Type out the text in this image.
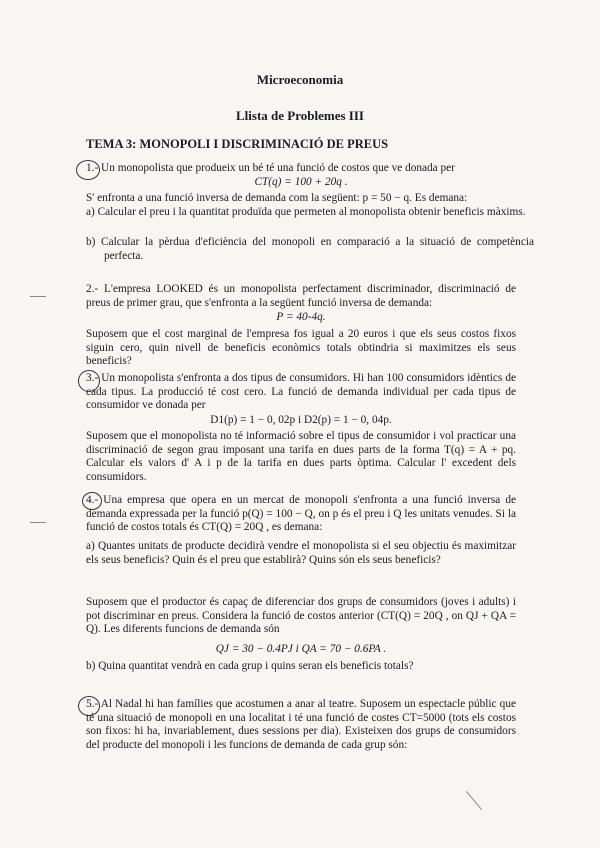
Microeconomia
Llista de Problemes III
TEMA 3: MONOPOLI I DISCRIMINACIÓ DE PREUS
1.- Un monopolista que produeix un bé té una funció de costos que ve donada per
CT(q) = 100 + 20q .
S' enfronta a una funció inversa de demanda com la següent: p = 50 − q. Es demana:
a) Calcular el preu i la quantitat produïda que permeten al monopolista obtenir beneficis màxims.
b) Calcular la pèrdua d'eficiència del monopoli en comparació a la situació de competència perfecta.
2.- L'empresa LOOKED és un monopolista perfectament discriminador, discriminació de preus de primer grau, que s'enfronta a la següent funció inversa de demanda:
P = 40-4q.
Suposem que el cost marginal de l'empresa fos igual a 20 euros i que els seus costos fixos siguin cero, quin nivell de beneficis econòmics totals obtindria si maximitzes els seus beneficis?
3.- Un monopolista s'enfronta a dos tipus de consumidors. Hi han 100 consumidors idèntics de cada tipus. La producció té cost cero. La funció de demanda individual per cada tipus de consumidor ve donada per
D1(p) = 1 − 0, 02p i D2(p) = 1 − 0, 04p.
Suposem que el monopolista no té informació sobre el tipus de consumidor i vol practicar una discriminació de segon grau imposant una tarifa en dues parts de la forma T(q) = A + pq. Calcular els valors d' A i p de la tarifa en dues parts òptima. Calcular l' excedent dels consumidors.
4.- Una empresa que opera en un mercat de monopoli s'enfronta a una funció inversa de demanda expressada per la funció p(Q) = 100 − Q, on p és el preu i Q les unitats venudes. Si la funció de costos totals és CT(Q) = 20Q , es demana:
a) Quantes unitats de producte decidirà vendre el monopolista si el seu objectiu és maximitzar els seus beneficis? Quin és el preu que establirà? Quins són els seus beneficis?
Suposem que el productor és capaç de diferenciar dos grups de consumidors (joves i adults) i pot discriminar en preus. Considera la funció de costos anterior (CT(Q) = 20Q , on QJ + QA = Q). Les diferents funcions de demanda són
QJ = 30 − 0.4PJ i QA = 70 − 0.6PA .
b) Quina quantitat vendrà en cada grup i quins seran els beneficis totals?
5.- Al Nadal hi han famílies que acostumen a anar al teatre. Suposem un espectacle públic que té una situació de monopoli en una localitat i té una funció de costes CT=5000 (tots els costos son fixos: hi ha, invariablement, dues sessions per dia). Existeixen dos grups de consumidors del producte del monopoli i les funcions de demanda de cada grup són:
